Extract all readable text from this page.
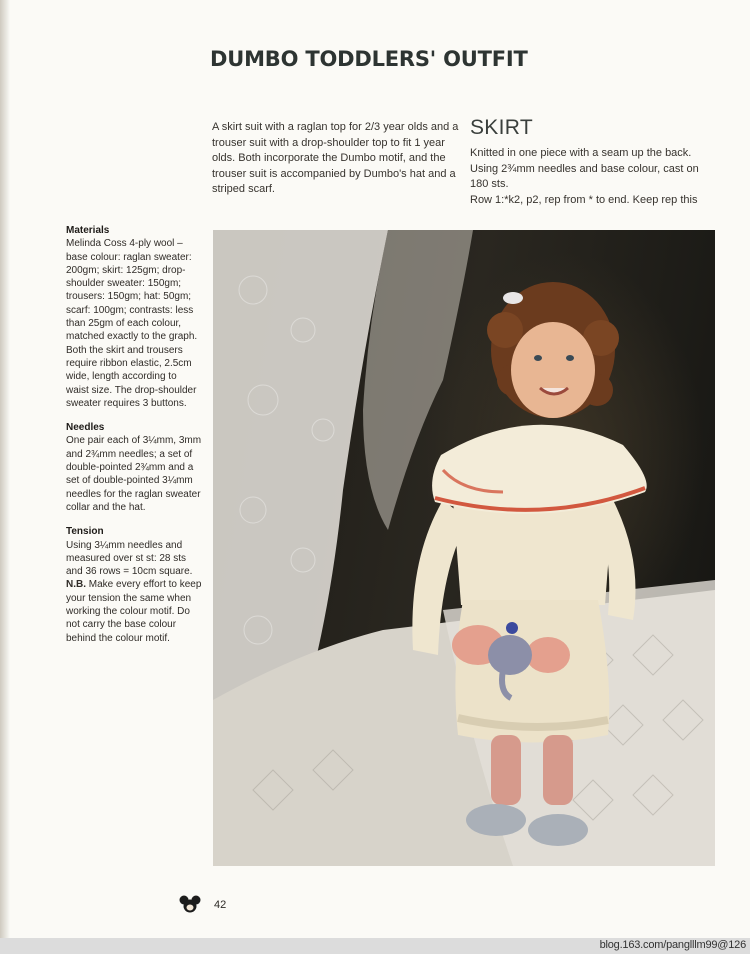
DUMBO TODDLERS' OUTFIT

A skirt suit with a raglan top for 2/3 year olds and a trouser suit with a drop-shoulder top to fit 1 year olds. Both incorporate the Dumbo motif, and the trouser suit is accompanied by Dumbo's hat and a striped scarf.

SKIRT

Knitted in one piece with a seam up the back. Using 2¾mm needles and base colour, cast on 180 sts.
Row 1:*k2, p2, rep from * to end. Keep rep this

Materials

Melinda Coss 4-ply wool – base colour: raglan sweater: 200gm; skirt: 125gm; drop-shoulder sweater: 150gm; trousers: 150gm; hat: 50gm; scarf: 100gm; contrasts: less than 25gm of each colour, matched exactly to the graph.

Both the skirt and trousers require ribbon elastic, 2.5cm wide, length according to waist size. The drop-shoulder sweater requires 3 buttons.

Needles

One pair each of 3¼mm, 3mm and 2¾mm needles; a set of double-pointed 2¾mm and a set of double-pointed 3¼mm needles for the raglan sweater collar and the hat.

Tension

Using 3¼mm needles and measured over st st: 28 sts and 36 rows = 10cm square.

N.B. Make every effort to keep your tension the same when working the colour motif. Do not carry the base colour behind the colour motif.

42
blog.163.com/panglllm99@126
